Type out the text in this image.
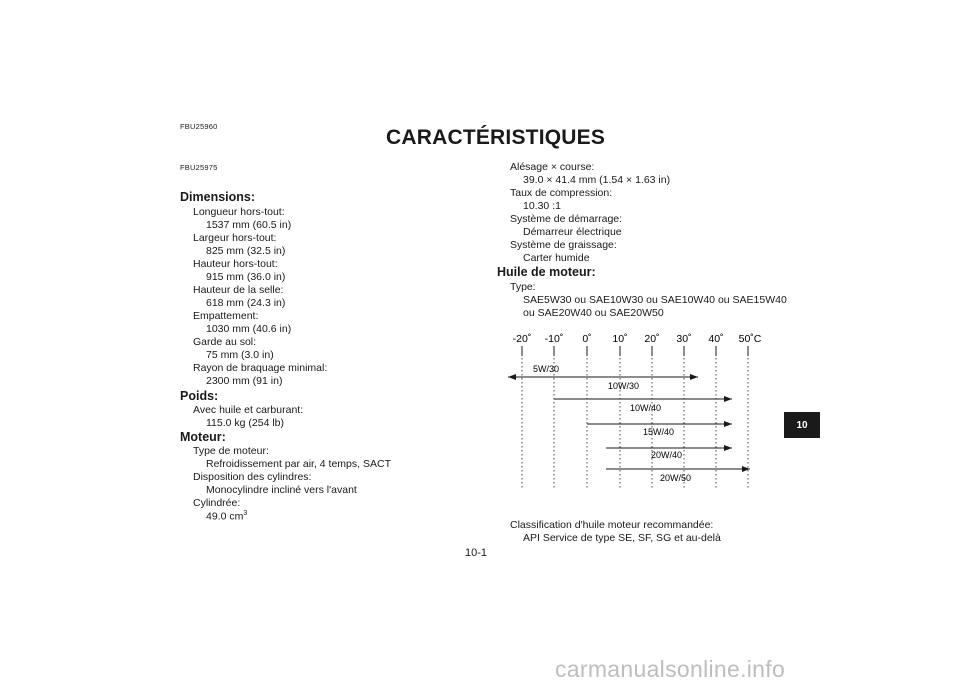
FBU25960	CARACTÉRISTIQUES
FBU25975
Dimensions:
Longueur hors-tout:
1537 mm (60.5 in)
Largeur hors-tout:
825 mm (32.5 in)
Hauteur hors-tout:
915 mm (36.0 in)
Hauteur de la selle:
618 mm (24.3 in)
Empattement:
1030 mm (40.6 in)
Garde au sol:
75 mm (3.0 in)
Rayon de braquage minimal:
2300 mm (91 in)
Poids:
Avec huile et carburant:
115.0 kg (254 lb)
Moteur:
Type de moteur:
Refroidissement par air, 4 temps, SACT
Disposition des cylindres:
Monocylindre incliné vers l'avant
Cylindrée:
49.0 $cm^3$
Alésage × course:
39.0 × 41.4 mm (1.54 × 1.63 in)
Taux de compression:
10.30 :1
Système de démarrage:
Démarreur électrique
Système de graissage:
Carter humide
Huile de moteur:
Type:
SAE5W30 ou SAE10W30 ou SAE10W40 ou SAE15W40
ou SAE20W40 ou SAE20W50
-20˚ -10˚ 0˚ 10˚ 20˚ 30˚ 40˚ 50˚C
5W/30
10W/30
10W/40
15W/40
20W/40
20W/50
Classification d'huile moteur recommandée:
API Service de type SE, SF, SG et au-delà
10
10-1
carmanualsonline.info
